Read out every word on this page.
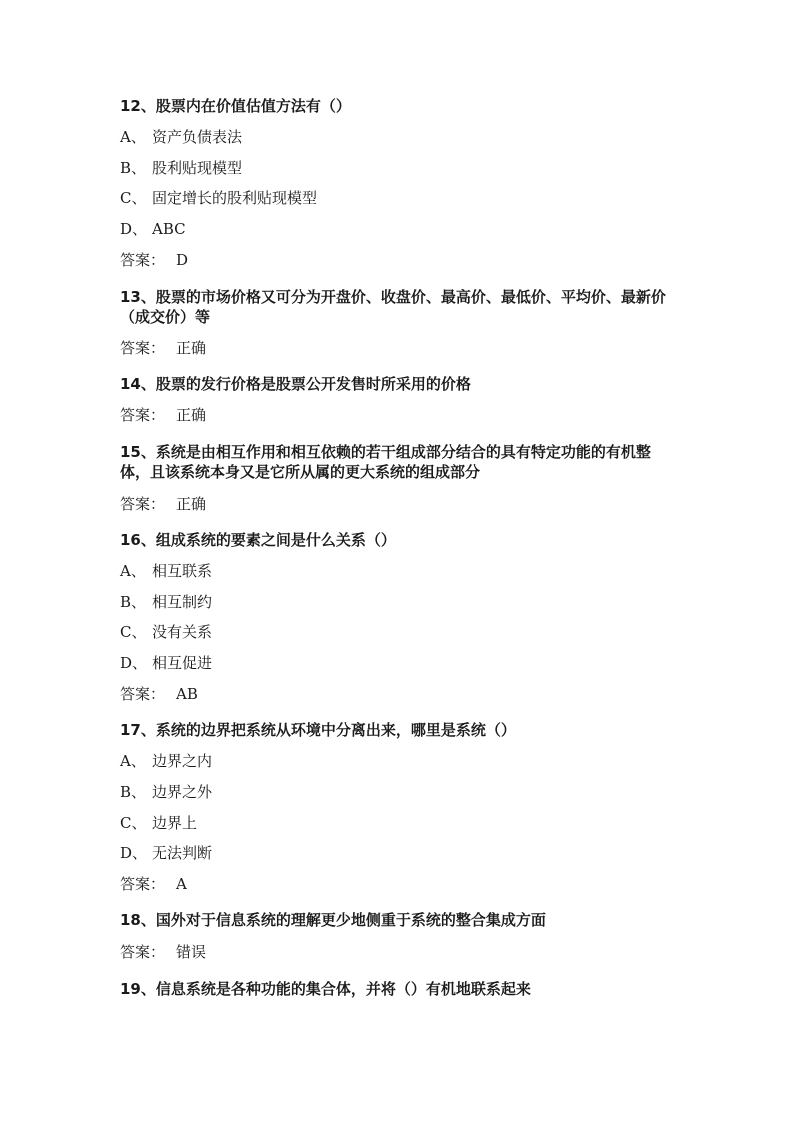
12、股票内在价值估值方法有（）
A、 资产负债表法
B、 股利贴现模型
C、 固定增长的股利贴现模型
D、 ABC
答案： D
13、股票的市场价格又可分为开盘价、收盘价、最高价、最低价、平均价、最新价（成交价）等
答案： 正确
14、股票的发行价格是股票公开发售时所采用的价格
答案： 正确
15、系统是由相互作用和相互依赖的若干组成部分结合的具有特定功能的有机整体，且该系统本身又是它所从属的更大系统的组成部分
答案： 正确
16、组成系统的要素之间是什么关系（）
A、 相互联系
B、 相互制约
C、 没有关系
D、 相互促进
答案： AB
17、系统的边界把系统从环境中分离出来，哪里是系统（）
A、 边界之内
B、 边界之外
C、 边界上
D、 无法判断
答案： A
18、国外对于信息系统的理解更少地侧重于系统的整合集成方面
答案： 错误
19、信息系统是各种功能的集合体，并将（）有机地联系起来
